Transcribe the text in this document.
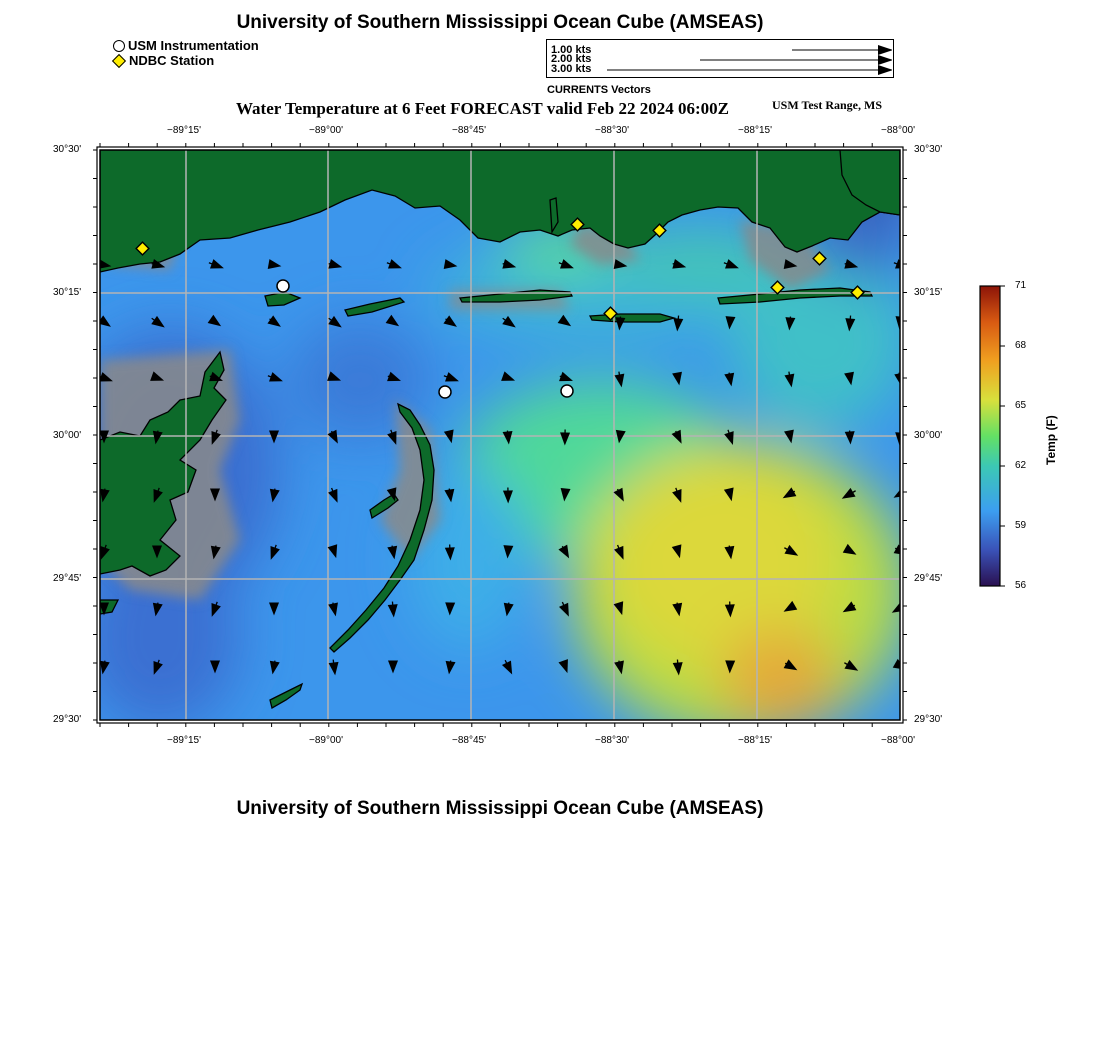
University of Southern Mississippi Ocean Cube (AMSEAS)
USM Instrumentation
NDBC Station
1.00 kts
2.00 kts
3.00 kts
CURRENTS Vectors
Water Temperature at 6 Feet FORECAST valid Feb 22 2024 06:00Z	USM Test Range, MS
−89°15'	−89°00'	−88°45'	−88°30'	−88°15'	−88°00'
−89°15'	−89°00'	−88°45'	−88°30'	−88°15'	−88°00'
30°30'
30°15'
30°00'
29°45'
29°30'
30°30'
30°15'
30°00'
29°45'
29°30'
71
68
65
62
59
56
Temp (F)
University of Southern Mississippi Ocean Cube (AMSEAS)
